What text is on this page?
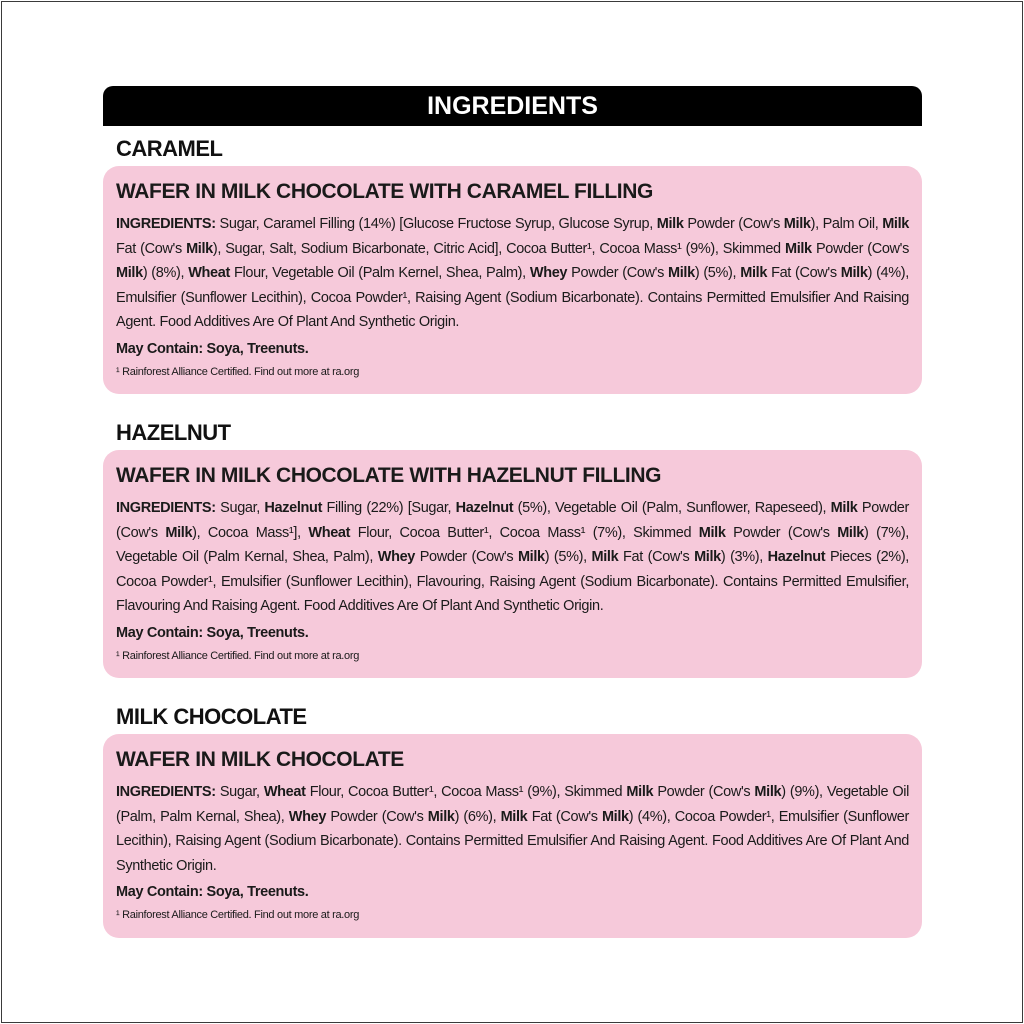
INGREDIENTS
CARAMEL
WAFER IN MILK CHOCOLATE WITH CARAMEL FILLING

INGREDIENTS: Sugar, Caramel Filling (14%) [Glucose Fructose Syrup, Glucose Syrup, Milk Powder (Cow's Milk), Palm Oil, Milk Fat (Cow's Milk), Sugar, Salt, Sodium Bicarbonate, Citric Acid], Cocoa Butter¹, Cocoa Mass¹ (9%), Skimmed Milk Powder (Cow's Milk) (8%), Wheat Flour, Vegetable Oil (Palm Kernel, Shea, Palm), Whey Powder (Cow's Milk) (5%), Milk Fat (Cow's Milk) (4%), Emulsifier (Sunflower Lecithin), Cocoa Powder¹, Raising Agent (Sodium Bicarbonate). Contains Permitted Emulsifier And Raising Agent. Food Additives Are Of Plant And Synthetic Origin.

May Contain: Soya, Treenuts.
¹ Rainforest Alliance Certified. Find out more at ra.org
HAZELNUT
WAFER IN MILK CHOCOLATE WITH HAZELNUT FILLING

INGREDIENTS: Sugar, Hazelnut Filling (22%) [Sugar, Hazelnut (5%), Vegetable Oil (Palm, Sunflower, Rapeseed), Milk Powder (Cow's Milk), Cocoa Mass¹], Wheat Flour, Cocoa Butter¹, Cocoa Mass¹ (7%), Skimmed Milk Powder (Cow's Milk) (7%), Vegetable Oil (Palm Kernal, Shea, Palm), Whey Powder (Cow's Milk) (5%), Milk Fat (Cow's Milk) (3%), Hazelnut Pieces (2%), Cocoa Powder¹, Emulsifier (Sunflower Lecithin), Flavouring, Raising Agent (Sodium Bicarbonate). Contains Permitted Emulsifier, Flavouring And Raising Agent. Food Additives Are Of Plant And Synthetic Origin.

May Contain: Soya, Treenuts.
¹ Rainforest Alliance Certified. Find out more at ra.org
MILK CHOCOLATE
WAFER IN MILK CHOCOLATE

INGREDIENTS: Sugar, Wheat Flour, Cocoa Butter¹, Cocoa Mass¹ (9%), Skimmed Milk Powder (Cow's Milk) (9%), Vegetable Oil (Palm, Palm Kernal, Shea), Whey Powder (Cow's Milk) (6%), Milk Fat (Cow's Milk) (4%), Cocoa Powder¹, Emulsifier (Sunflower Lecithin), Raising Agent (Sodium Bicarbonate). Contains Permitted Emulsifier And Raising Agent. Food Additives Are Of Plant And Synthetic Origin.

May Contain: Soya, Treenuts.
¹ Rainforest Alliance Certified. Find out more at ra.org
